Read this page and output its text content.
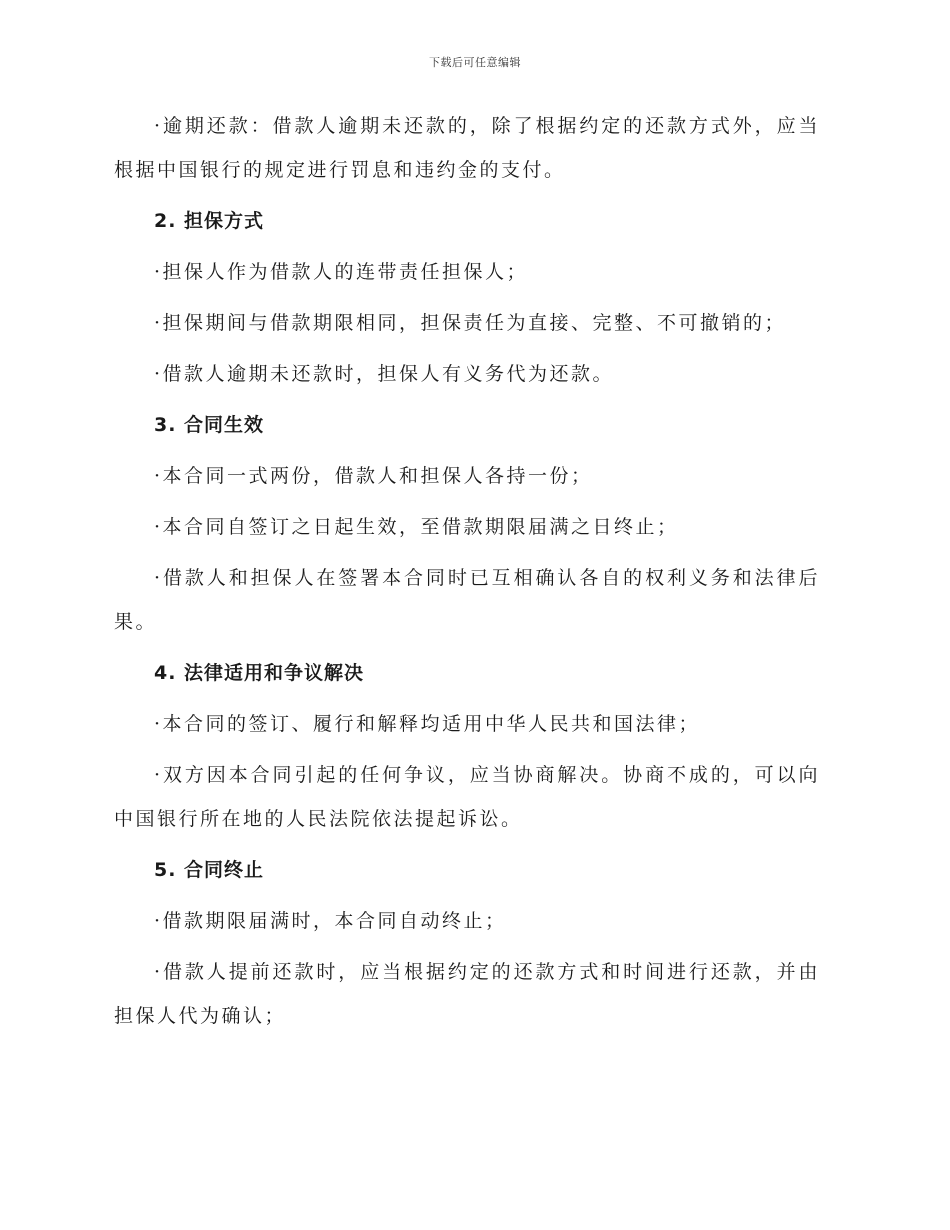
下载后可任意编辑

·逾期还款：借款人逾期未还款的，除了根据约定的还款方式外，应当根据中国银行的规定进行罚息和违约金的支付。

2. 担保方式

·担保人作为借款人的连带责任担保人；

·担保期间与借款期限相同，担保责任为直接、完整、不可撤销的；

·借款人逾期未还款时，担保人有义务代为还款。

3. 合同生效

·本合同一式两份，借款人和担保人各持一份；

·本合同自签订之日起生效，至借款期限届满之日终止；

·借款人和担保人在签署本合同时已互相确认各自的权利义务和法律后果。

4. 法律适用和争议解决

·本合同的签订、履行和解释均适用中华人民共和国法律；

·双方因本合同引起的任何争议，应当协商解决。协商不成的，可以向中国银行所在地的人民法院依法提起诉讼。

5. 合同终止

·借款期限届满时，本合同自动终止；

·借款人提前还款时，应当根据约定的还款方式和时间进行还款，并由担保人代为确认；
